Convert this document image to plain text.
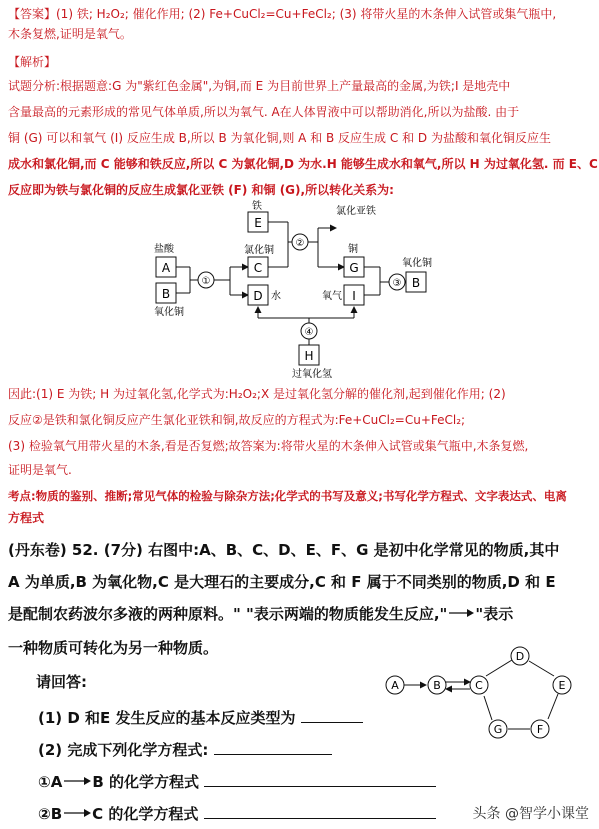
【答案】(1) 铁; H₂O₂; 催化作用; (2) Fe+CuCl₂=Cu+FeCl₂; (3) 将带火星的木条伸入试管或集气瓶中,
木条复燃,证明是氧气。
【解析】
试题分析:根据题意:G 为"紫红色金属",为铜,而 E 为目前世界上产量最高的金属,为铁;I 是地壳中
含量最高的元素形成的常见气体单质,所以为氧气. A在人体胃液中可以帮助消化,所以为盐酸. 由于
铜 (G) 可以和氧气 (I) 反应生成 B,所以 B 为氧化铜,则 A 和 B 反应生成 C 和 D 为盐酸和氧化铜反应生
成水和氯化铜,而 C 能够和铁反应,所以 C 为氯化铜,D 为水.H 能够生成水和氧气,所以 H 为过氧化氢. 而 E、C
反应即为铁与氯化铜的反应生成氯化亚铁 (F) 和铜 (G),所以转化关系为:
A
B
C
D
E
G
I
B
H
①
②
③
④
盐酸
氧化铜
铁
氯化铜
水
氯化亚铁
铜
氧气
氧化铜
过氧化氢
因此:(1) E 为铁; H 为过氧化氢,化学式为:H₂O₂;X 是过氧化氢分解的催化剂,起到催化作用; (2)
反应②是铁和氯化铜反应产生氯化亚铁和铜,故反应的方程式为:Fe+CuCl₂=Cu+FeCl₂;
(3) 检验氧气用带火星的木条,看是否复燃;故答案为:将带火星的木条伸入试管或集气瓶中,木条复燃,
证明是氧气.
考点:物质的鉴别、推断;常见气体的检验与除杂方法;化学式的书写及意义;书写化学方程式、文字表达式、电离
方程式
(丹东卷) 52. (7分) 右图中:A、B、C、D、E、F、G 是初中化学常见的物质,其中
A 为单质,B 为氧化物,C 是大理石的主要成分,C 和 F 属于不同类别的物质,D 和 E
是配制农药波尔多液的两种原料。" "表示两端的物质能发生反应," "表示
一种物质可转化为另一种物质。
请回答:
(1) D 和E 发生反应的基本反应类型为
(2) 完成下列化学方程式:
①A B 的化学方程式
②B C 的化学方程式
A	B	C
D
E
F
G
头条 @智学小课堂
